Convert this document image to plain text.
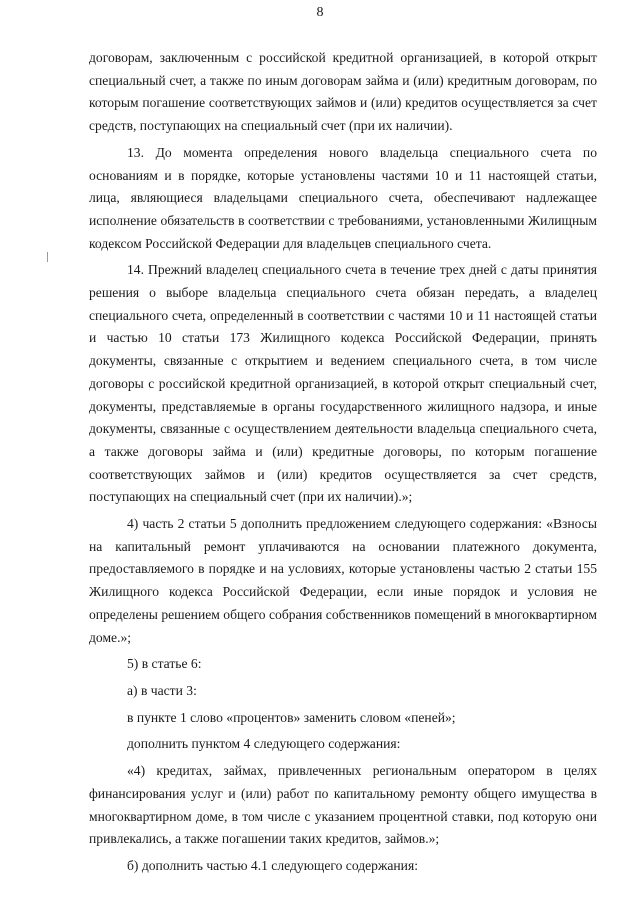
8

договорам, заключенным с российской кредитной организацией, в которой открыт специальный счет, а также по иным договорам займа и (или) кредитным договорам, по которым погашение соответствующих займов и (или) кредитов осуществляется за счет средств, поступающих на специальный счет (при их наличии).

13. До момента определения нового владельца специального счета по основаниям и в порядке, которые установлены частями 10 и 11 настоящей статьи, лица, являющиеся владельцами специального счета, обеспечивают надлежащее исполнение обязательств в соответствии с требованиями, установленными Жилищным кодексом Российской Федерации для владельцев специального счета.

14. Прежний владелец специального счета в течение трех дней с даты принятия решения о выборе владельца специального счета обязан передать, а владелец специального счета, определенный в соответствии с частями 10 и 11 настоящей статьи и частью 10 статьи 173 Жилищного кодекса Российской Федерации, принять документы, связанные с открытием и ведением специального счета, в том числе договоры с российской кредитной организацией, в которой открыт специальный счет, документы, представляемые в органы государственного жилищного надзора, и иные документы, связанные с осуществлением деятельности владельца специального счета, а также договоры займа и (или) кредитные договоры, по которым погашение соответствующих займов и (или) кредитов осуществляется за счет средств, поступающих на специальный счет (при их наличии).»;

4) часть 2 статьи 5 дополнить предложением следующего содержания: «Взносы на капитальный ремонт уплачиваются на основании платежного документа, предоставляемого в порядке и на условиях, которые установлены частью 2 статьи 155 Жилищного кодекса Российской Федерации, если иные порядок и условия не определены решением общего собрания собственников помещений в многоквартирном доме.»;

5) в статье 6:

а) в части 3:

в пункте 1 слово «процентов» заменить словом «пеней»;

дополнить пунктом 4 следующего содержания:

«4) кредитах, займах, привлеченных региональным оператором в целях финансирования услуг и (или) работ по капитальному ремонту общего имущества в многоквартирном доме, в том числе с указанием процентной ставки, под которую они привлекались, а также погашении таких кредитов, займов.»;

б) дополнить частью 4.1 следующего содержания:
